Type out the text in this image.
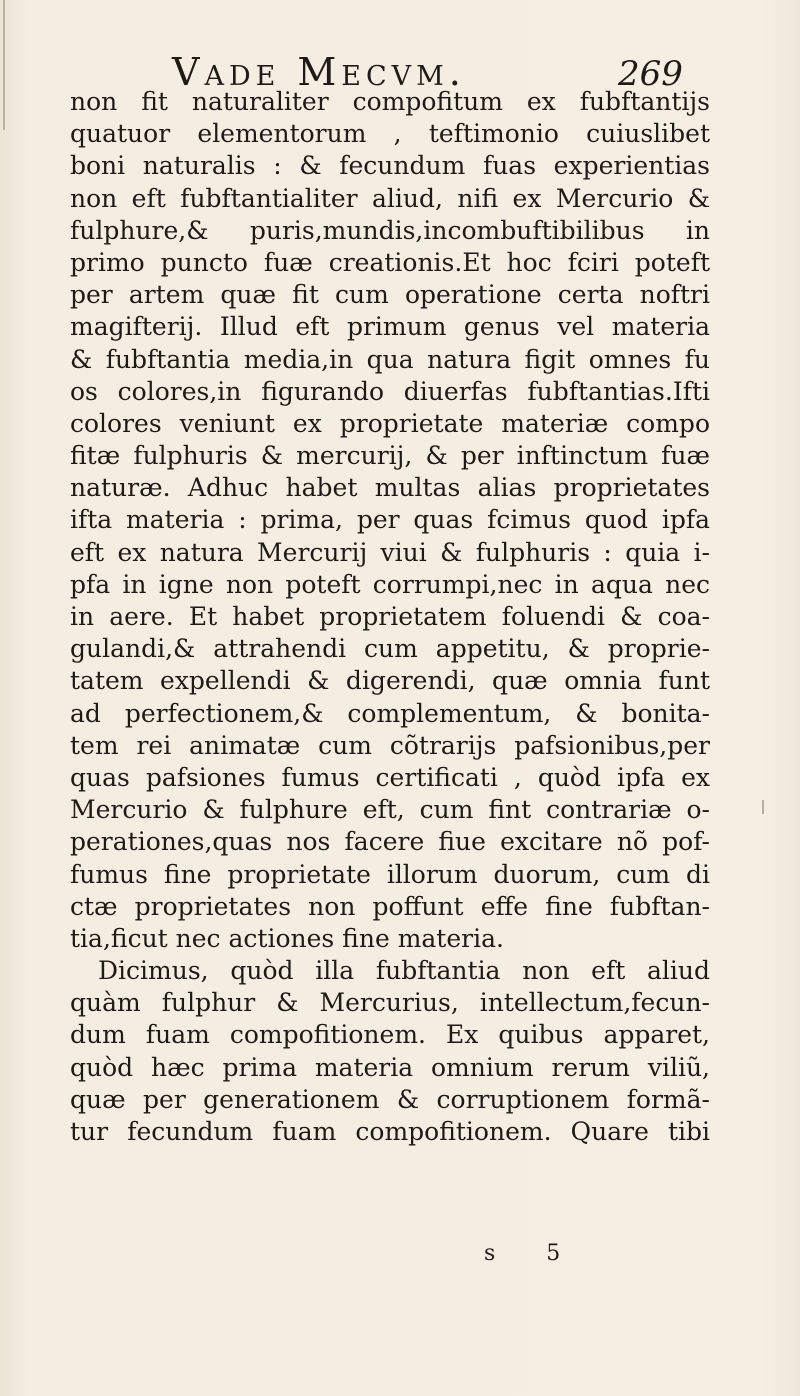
Vade Mecvm.	269
non fit naturaliter compofitum ex fubftantijs
quatuor elementorum , teftimonio cuiuslibet
boni naturalis : & fecundum fuas experientias
non eft fubftantialiter aliud, nifi ex Mercurio &
fulphure,& puris,mundis,incombuftibilibus in
primo puncto fuæ creationis.Et hoc fciri poteft
per artem quæ fit cum operatione certa noftri
magifterij. Illud eft primum genus vel materia
& fubftantia media,in qua natura figit omnes fu
os colores,in figurando diuerfas fubftantias.Ifti
colores veniunt ex proprietate materiæ compo
fitæ fulphuris & mercurij, & per inftinctum fuæ
naturæ. Adhuc habet multas alias proprietates
ifta materia : prima, per quas fcimus quod ipfa
eft ex natura Mercurij viui & fulphuris : quia i-
pfa in igne non poteft corrumpi,nec in aqua nec
in aere. Et habet proprietatem foluendi & coa-
gulandi,& attrahendi cum appetitu, & proprie-
tatem expellendi & digerendi, quæ omnia funt
ad perfectionem,& complementum, & bonita-
tem rei animatæ cum cõtrarijs pafsionibus,per
quas pafsiones fumus certificati , quòd ipfa ex
Mercurio & fulphure eft, cum fint contrariæ o-
perationes,quas nos facere fiue excitare nõ pof-
fumus fine proprietate illorum duorum, cum di
ctæ proprietates non poffunt effe fine fubftan-
tia,ficut nec actiones fine materia.
Dicimus, quòd illa fubftantia non eft aliud
quàm fulphur & Mercurius, intellectum,fecun-
dum fuam compofitionem. Ex quibus apparet,
quòd hæc prima materia omnium rerum viliũ,
quæ per generationem & corruptionem formã-
tur fecundum fuam compofitionem. Quare tibi
s 5
